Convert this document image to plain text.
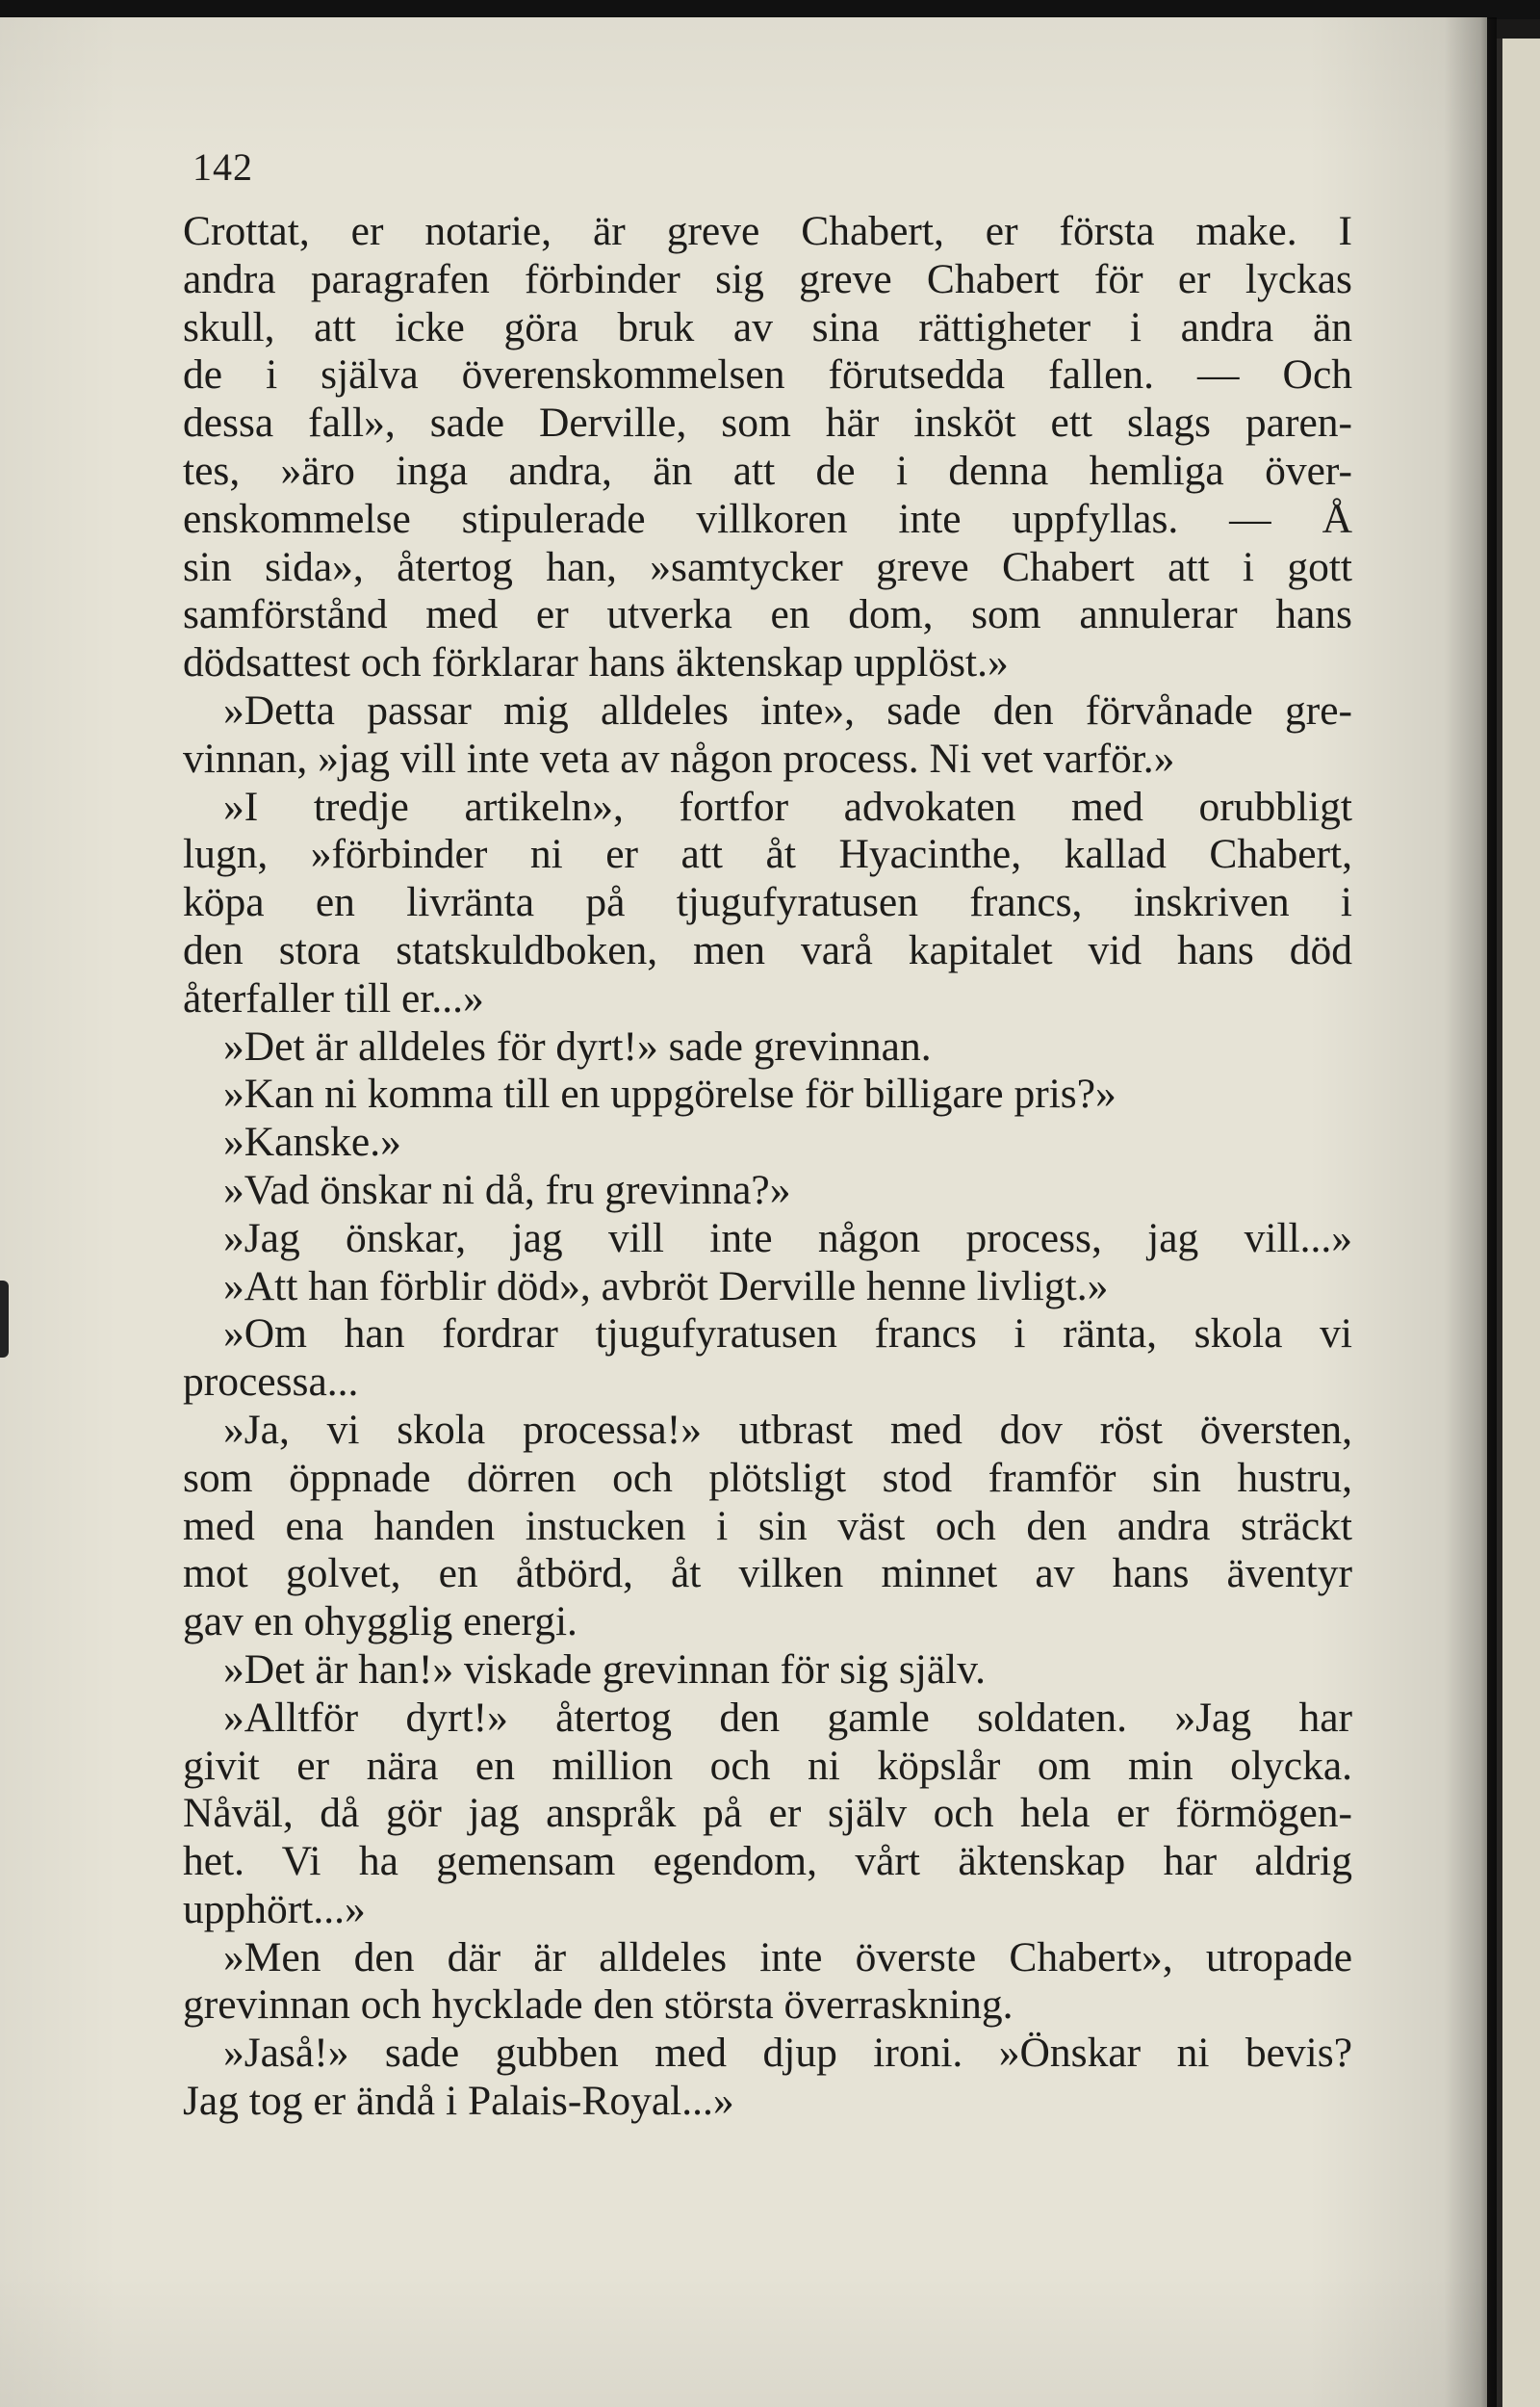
142
Crottat, er notarie, är greve Chabert, er första make. I
andra paragrafen förbinder sig greve Chabert för er lyckas
skull, att icke göra bruk av sina rättigheter i andra än
de i själva överenskommelsen förutsedda fallen. — Och
dessa fall», sade Derville, som här insköt ett slags paren-
tes, »äro inga andra, än att de i denna hemliga över-
enskommelse stipulerade villkoren inte uppfyllas. — Å
sin sida», återtog han, »samtycker greve Chabert att i gott
samförstånd med er utverka en dom, som annulerar hans
dödsattest och förklarar hans äktenskap upplöst.»
»Detta passar mig alldeles inte», sade den förvånade gre-
vinnan, »jag vill inte veta av någon process. Ni vet varför.»
»I tredje artikeln», fortfor advokaten med orubbligt
lugn, »förbinder ni er att åt Hyacinthe, kallad Chabert,
köpa en livränta på tjugufyratusen francs, inskriven i
den stora statskuldboken, men varå kapitalet vid hans död
återfaller till er...»
»Det är alldeles för dyrt!» sade grevinnan.
»Kan ni komma till en uppgörelse för billigare pris?»
»Kanske.»
»Vad önskar ni då, fru grevinna?»
»Jag önskar, jag vill inte någon process, jag vill...»
»Att han förblir död», avbröt Derville henne livligt.»
»Om han fordrar tjugufyratusen francs i ränta, skola vi
processa...
»Ja, vi skola processa!» utbrast med dov röst översten,
som öppnade dörren och plötsligt stod framför sin hustru,
med ena handen instucken i sin väst och den andra sträckt
mot golvet, en åtbörd, åt vilken minnet av hans äventyr
gav en ohygglig energi.
»Det är han!» viskade grevinnan för sig själv.
»Alltför dyrt!» återtog den gamle soldaten. »Jag har
givit er nära en million och ni köpslår om min olycka.
Nåväl, då gör jag anspråk på er själv och hela er förmögen-
het. Vi ha gemensam egendom, vårt äktenskap har aldrig
upphört...»
»Men den där är alldeles inte överste Chabert», utropade
grevinnan och hycklade den största överraskning.
»Jaså!» sade gubben med djup ironi. »Önskar ni bevis?
Jag tog er ändå i Palais-Royal...»
